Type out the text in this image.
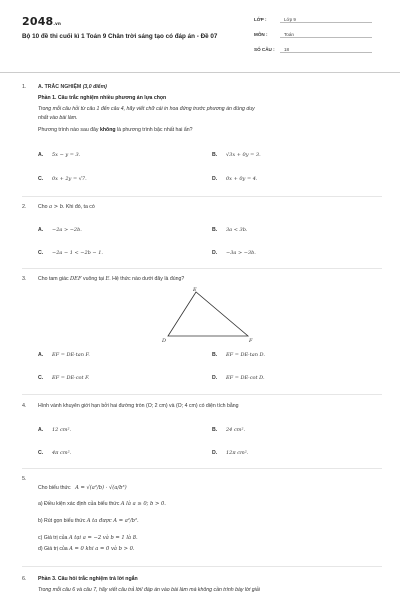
2048.vn
Bộ 10 đề thi cuối kì 1 Toán 9 Chân trời sáng tạo có đáp án - Đề 07
LỚP :	Lớp 9
MÔN :	Toán
SỐ CÂU : 18
1. A. TRẮC NGHIỆM (3,0 điểm)
Phần 1. Câu trắc nghiệm nhiều phương án lựa chọn
Trong mỗi câu hỏi từ câu 1 đến câu 4, hãy viết chữ cái in hoa đứng trước phương án đúng duy
nhất vào bài làm.
Phương trình nào sau đây không là phương trình bậc nhất hai ẩn?
A. 5x − y = 3.	B. √3x + 0y = 3.
C. 0x + 2y = √7.	D. 0x + 0y = 4.
2. Cho a > b. Khi đó, ta có
A. −2a > −2b.	B. 3a < 3b.
C. −2a − 1 < −2b − 1.	D. −3a > −3b.
3. Cho tam giác DEF vuông tại E. Hệ thức nào dưới đây là đúng?
E
D	F
A. EF = DE·tan F.	B. EF = DE·tan D.
C. EF = DE·cot F.	D. EF = DE·cot D.
4. Hình vành khuyên giới hạn bởi hai đường tròn (O; 2 cm) và (O; 4 cm) có diện tích bằng
A. 12 cm².	B. 24 cm².
C. 4π cm².	D. 12π cm².
5.
Cho biểu thức A = √(a²/b) · √(a/b³)
a) Điều kiện xác định của biểu thức A là a ≥ 0; b > 0.
b) Rút gọn biểu thức A ta được A = a²/b².
c) Giá trị của A tại a = −2 và b = 1 là 8.
d) Giá trị của A = 0 khi a = 0 và b > 0.
6. Phần 3. Câu hỏi trắc nghiệm trả lời ngắn
Trong mỗi câu 6 và câu 7, hãy viết câu trả lời/ đáp án vào bài làm mà không cần trình bày lời giải
